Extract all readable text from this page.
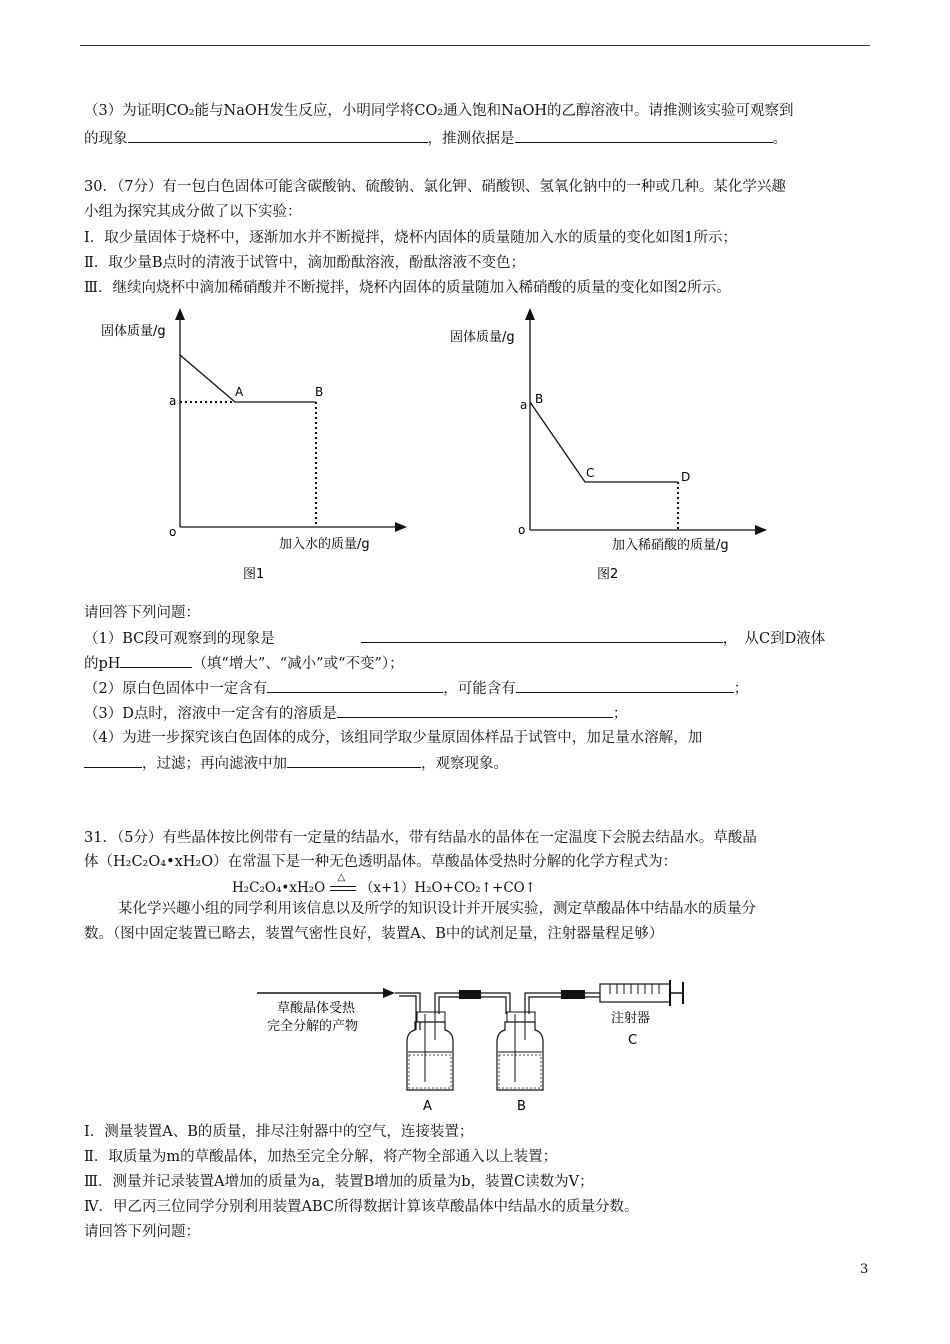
（3）为证明CO₂能与NaOH发生反应，小明同学将CO₂通入饱和NaOH的乙醇溶液中。请推测该实验可观察到
的现象	，推测依据是	。
30．（7分）有一包白色固体可能含碳酸钠、硫酸钠、氯化钾、硝酸钡、氢氧化钠中的一种或几种。某化学兴趣
小组为探究其成分做了以下实验：
Ⅰ．取少量固体于烧杯中，逐渐加水并不断搅拌，烧杯内固体的质量随加入水的质量的变化如图1所示；
Ⅱ．取少量B点时的清液于试管中，滴加酚酞溶液，酚酞溶液不变色；
Ⅲ．继续向烧杯中滴加稀硝酸并不断搅拌，烧杯内固体的质量随加入稀硝酸的质量的变化如图2所示。
固体质量/g
a
A	B
o
加入水的质量/g
图1
固体质量/g
a B
C	D
o
加入稀硝酸的质量/g
图2
请回答下列问题：
（1）BC段可观察到的现象是	，　从C到D液体
的pH	（填“增大”、“减小”或“不变”）；
（2）原白色固体中一定含有	，可能含有	；
（3）D点时，溶液中一定含有的溶质是	；
（4）为进一步探究该白色固体的成分，该组同学取少量原固体样品于试管中，加足量水溶解，加
，过滤；再向滤液中加	，观察现象。
31．（5分）有些晶体按比例带有一定量的结晶水，带有结晶水的晶体在一定温度下会脱去结晶水。草酸晶
体（H₂C₂O₄•xH₂O）在常温下是一种无色透明晶体。草酸晶体受热时分解的化学方程式为：
H₂C₂O₄•xH₂O
△
（x+1）H₂O+CO₂↑+CO↑
某化学兴趣小组的同学利用该信息以及所学的知识设计并开展实验，测定草酸晶体中结晶水的质量分
数。（图中固定装置已略去，装置气密性良好，装置A、B中的试剂足量，注射器量程足够）
草酸晶体受热
完全分解的产物
A	B
注射器
C
Ⅰ．测量装置A、B的质量，排尽注射器中的空气，连接装置；
Ⅱ．取质量为m的草酸晶体，加热至完全分解，将产物全部通入以上装置；
Ⅲ．测量并记录装置A增加的质量为a，装置B增加的质量为b，装置C读数为V；
Ⅳ．甲乙丙三位同学分别利用装置ABC所得数据计算该草酸晶体中结晶水的质量分数。
请回答下列问题：
3
